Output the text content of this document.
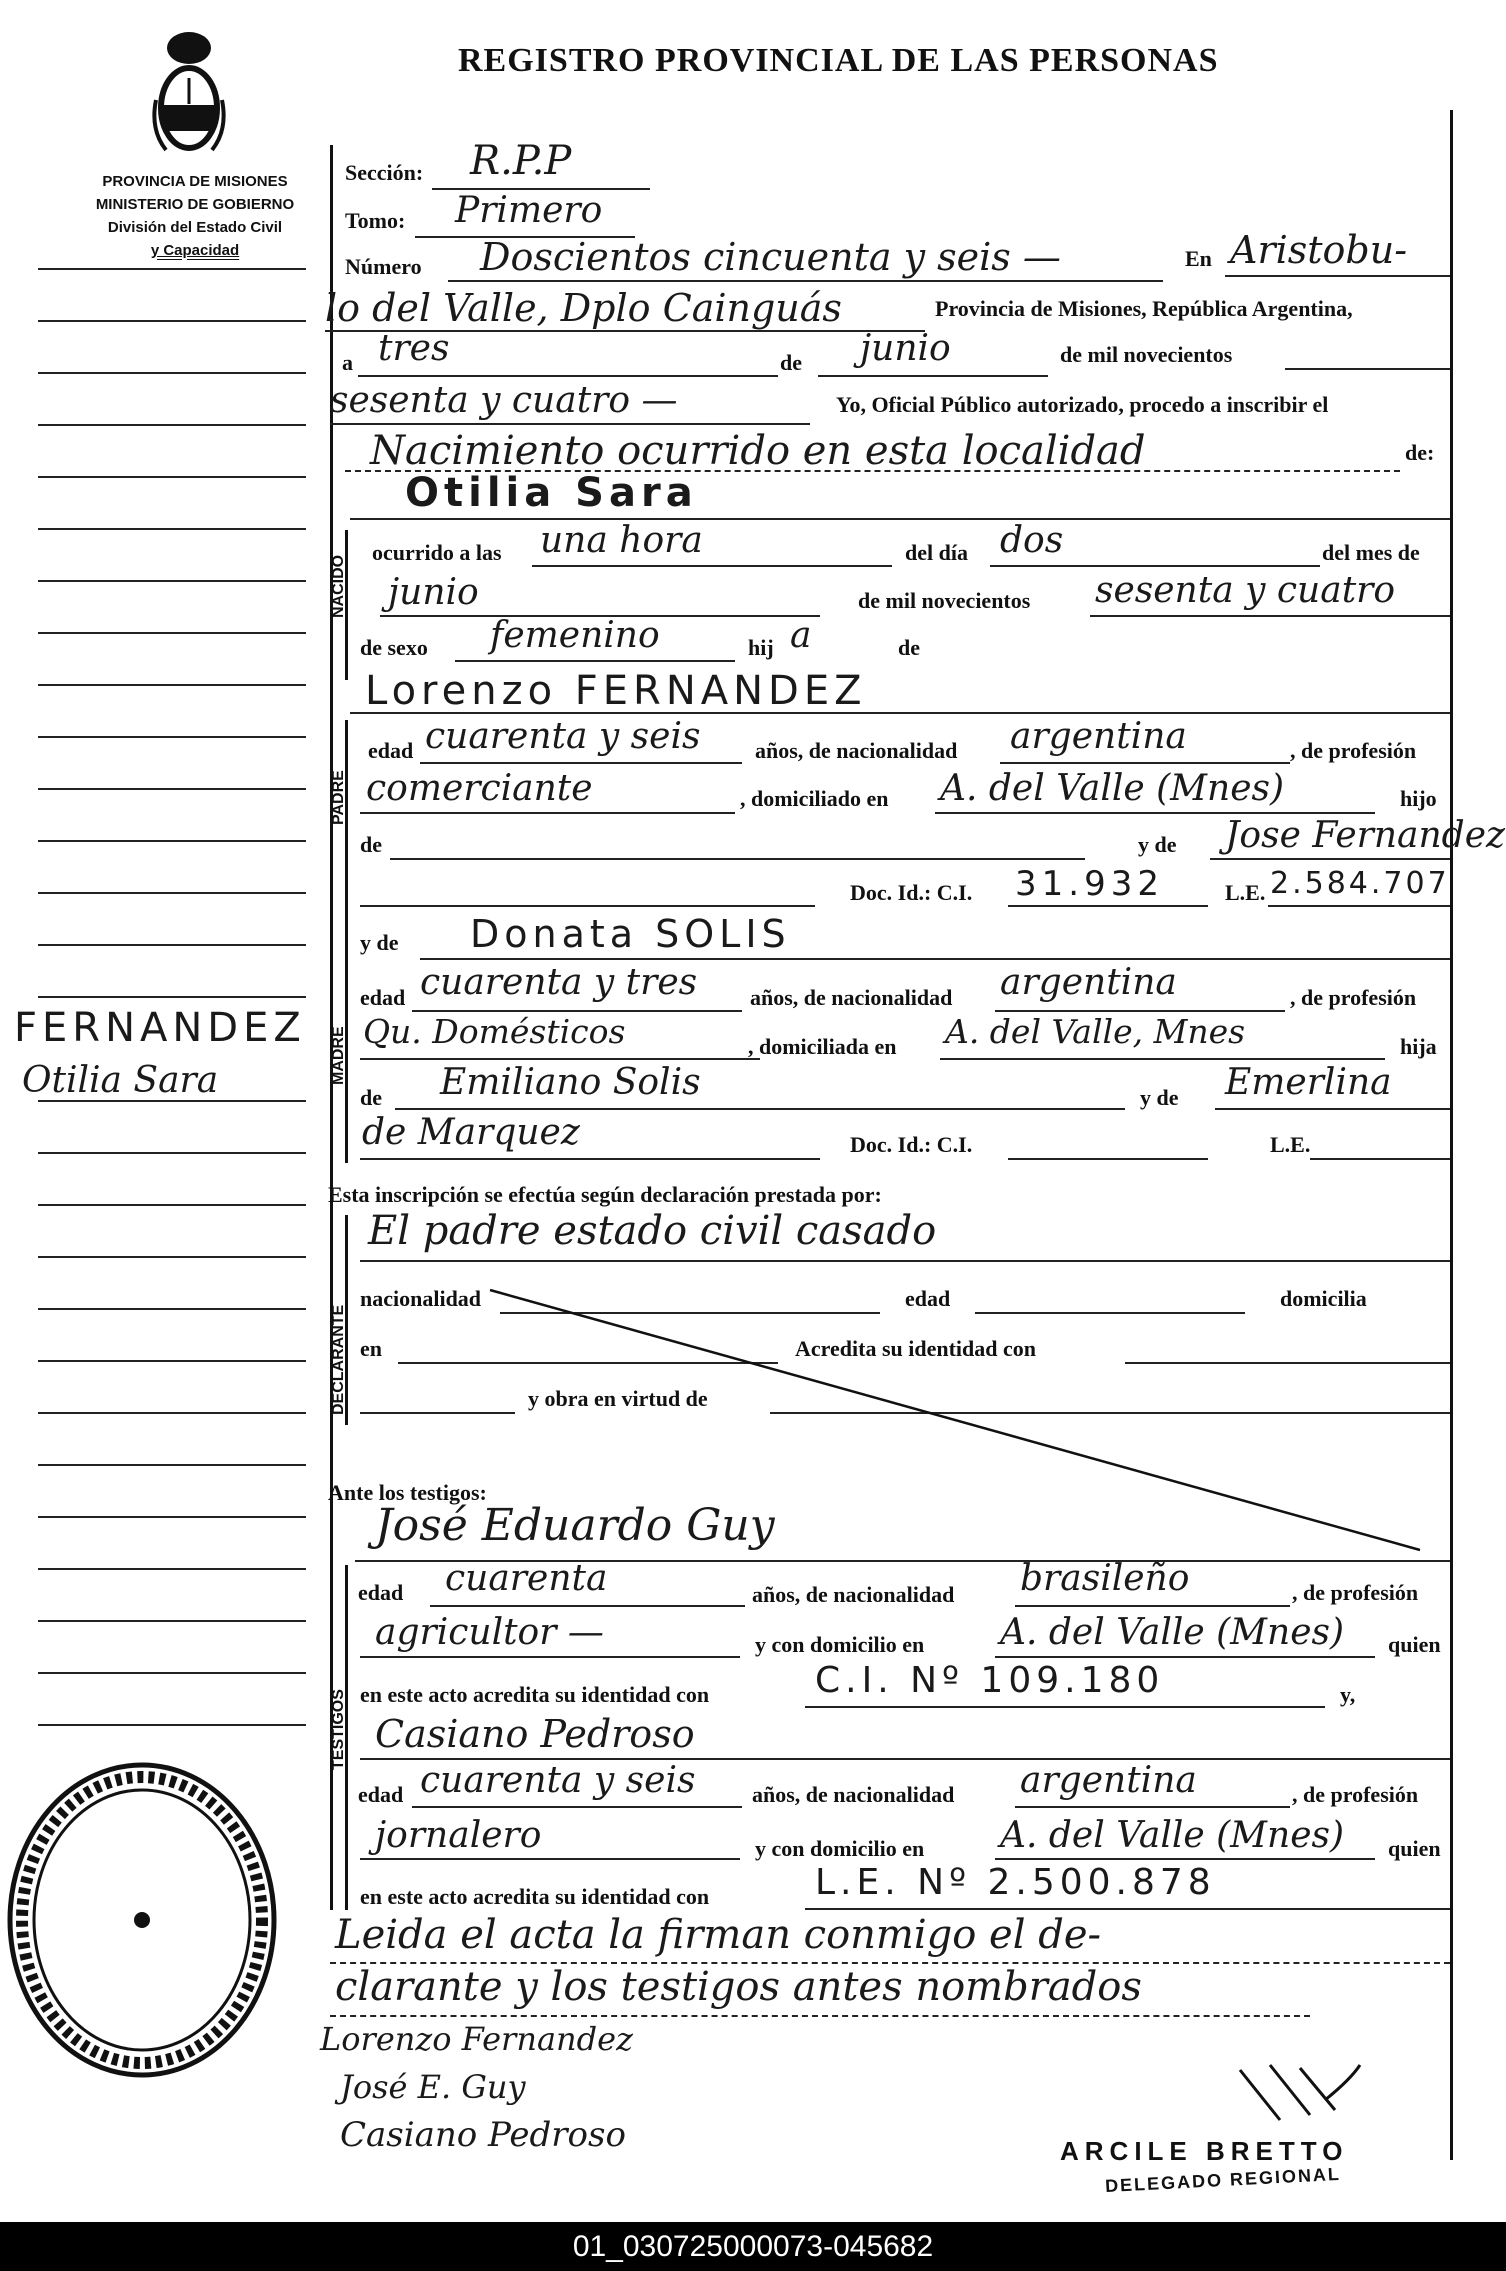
PROVINCIA DE MISIONES
MINISTERIO DE GOBIERNO
División del Estado Civil
y Capacidad
REGISTRO PROVINCIAL DE LAS PERSONAS
FERNANDEZ
Otilia Sara
Sección: R.P.P
Tomo: Primero
Número Doscientos cincuenta y seis —	En Aristobu-
lo del Valle, Dplo Cainguás	Provincia de Misiones, República Argentina,
a tres	de junio	de mil novecientos
sesenta y cuatro —	Yo, Oficial Público autorizado, procedo a inscribir el
Nacimiento ocurrido en esta localidad	de:
Otilia Sara
NACIDO
ocurrido a las una hora	del día dos	del mes de
junio	de mil novecientos sesenta y cuatro
de sexo femenino	hij a	de
Lorenzo FERNANDEZ
PADRE
edad cuarenta y seis años, de nacionalidad argentina	, de profesión
comerciante	, domiciliado en A. del Valle (Mnes)	hijo
de	y de Jose Fernandez
Doc. Id.: C.I. 31.932	L.E. 2.584.707
MADRE
y de Donata SOLIS
edad cuarenta y tres años, de nacionalidad argentina	, de profesión
Qu. Domésticos	, domiciliada en A. del Valle, Mnes	hija
de Emiliano Solis	y de Emerlina
de Marquez	Doc. Id.: C.I.	L.E.
Esta inscripción se efectúa según declaración prestada por:
DECLARANTE
El padre estado civil casado
nacionalidad	edad	domicilia
en	Acredita su identidad con
y obra en virtud de
Ante los testigos:
José Eduardo Guy
TESTIGOS
edad cuarenta	años, de nacionalidad brasileño	, de profesión
agricultor —	y con domicilio en A. del Valle (Mnes) quien
en este acto acredita su identidad con	C.I. Nº 109.180	y,
Casiano Pedroso
edad cuarenta y seis	años, de nacionalidad argentina	, de profesión
jornalero	y con domicilio en A. del Valle (Mnes) quien
en este acto acredita su identidad con	L.E. Nº 2.500.878
Leida el acta la firman conmigo el de-
clarante y los testigos antes nombrados
Lorenzo Fernandez
José E. Guy
Casiano Pedroso	ARCILE BRETTO
DELEGADO REGIONAL
01_030725000073-045682
